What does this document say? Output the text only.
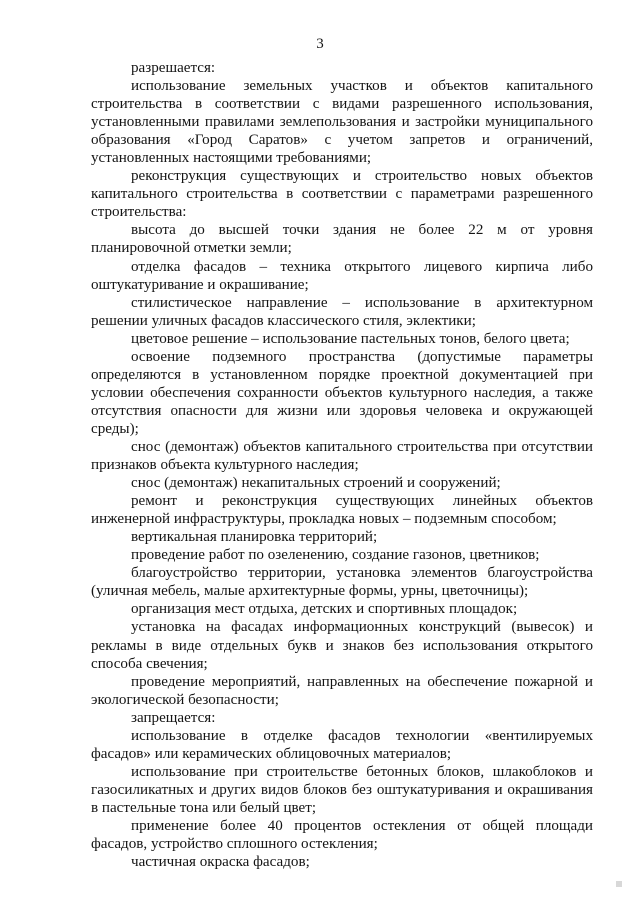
3

разрешается:

использование земельных участков и объектов капитального строительства в соответствии с видами разрешенного использования, установленными правилами землепользования и застройки муниципального образования «Город Саратов» с учетом запретов и ограничений, установленных настоящими требованиями;

реконструкция существующих и строительство новых объектов капитального строительства в соответствии с параметрами разрешенного строительства:

высота до высшей точки здания не более 22 м от уровня планировочной отметки земли;

отделка фасадов – техника открытого лицевого кирпича либо оштукатуривание и окрашивание;

стилистическое направление – использование в архитектурном решении уличных фасадов классического стиля, эклектики;

цветовое решение – использование пастельных тонов, белого цвета;

освоение подземного пространства (допустимые параметры определяются в установленном порядке проектной документацией при условии обеспечения сохранности объектов культурного наследия, а также отсутствия опасности для жизни или здоровья человека и окружающей среды);

снос (демонтаж) объектов капитального строительства при отсутствии признаков объекта культурного наследия;

снос (демонтаж) некапитальных строений и сооружений;

ремонт и реконструкция существующих линейных объектов инженерной инфраструктуры, прокладка новых – подземным способом;

вертикальная планировка территорий;

проведение работ по озеленению, создание газонов, цветников;

благоустройство территории, установка элементов благоустройства (уличная мебель, малые архитектурные формы, урны, цветочницы);

организация мест отдыха, детских и спортивных площадок;

установка на фасадах информационных конструкций (вывесок) и рекламы в виде отдельных букв и знаков без использования открытого способа свечения;

проведение мероприятий, направленных на обеспечение пожарной и экологической безопасности;

запрещается:

использование в отделке фасадов технологии «вентилируемых фасадов» или керамических облицовочных материалов;

использование при строительстве бетонных блоков, шлакоблоков и газосиликатных и других видов блоков без оштукатуривания и окрашивания в пастельные тона или белый цвет;

применение более 40 процентов остекления от общей площади фасадов, устройство сплошного остекления;

частичная окраска фасадов;
